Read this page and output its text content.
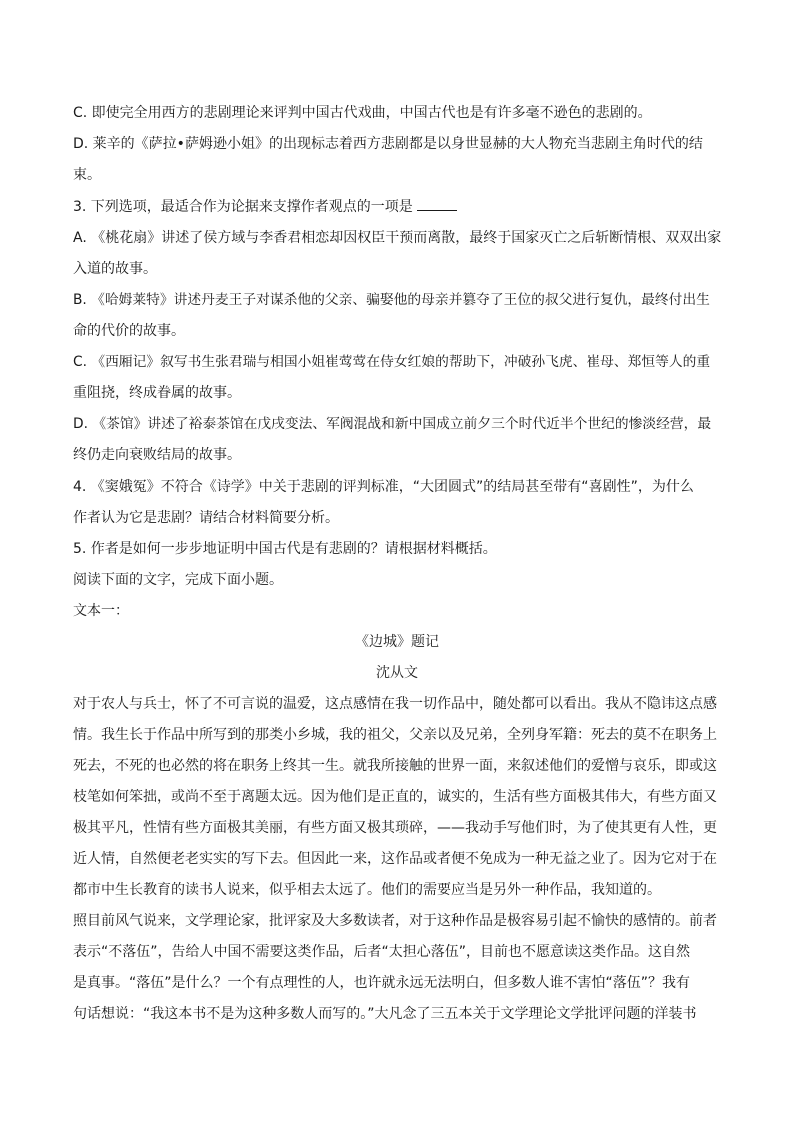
C. 即使完全用西方的悲剧理论来评判中国古代戏曲，中国古代也是有许多毫不逊色的悲剧的。
D. 莱辛的《萨拉•萨姆逊小姐》的出现标志着西方悲剧都是以身世显赫的大人物充当悲剧主角时代的结
束。
3. 下列选项，最适合作为论据来支撑作者观点的一项是
A. 《桃花扇》讲述了侯方域与李香君相恋却因权臣干预而离散，最终于国家灭亡之后斩断情根、双双出家
入道的故事。
B. 《哈姆莱特》讲述丹麦王子对谋杀他的父亲、骗娶他的母亲并篡夺了王位的叔父进行复仇，最终付出生
命的代价的故事。
C. 《西厢记》叙写书生张君瑞与相国小姐崔莺莺在侍女红娘的帮助下，冲破孙飞虎、崔母、郑恒等人的重
重阻挠，终成眷属的故事。
D. 《茶馆》讲述了裕泰茶馆在戊戌变法、军阀混战和新中国成立前夕三个时代近半个世纪的惨淡经营，最
终仍走向衰败结局的故事。
4. 《窦娥冤》不符合《诗学》中关于悲剧的评判标准，“大团圆式”的结局甚至带有“喜剧性”，为什么
作者认为它是悲剧？请结合材料简要分析。
5. 作者是如何一步步地证明中国古代是有悲剧的？请根据材料概括。
阅读下面的文字，完成下面小题。
文本一：
《边城》题记
沈从文
对于农人与兵士，怀了不可言说的温爱，这点感情在我一切作品中，随处都可以看出。我从不隐讳这点感
情。我生长于作品中所写到的那类小乡城，我的祖父，父亲以及兄弟，全列身军籍：死去的莫不在职务上
死去，不死的也必然的将在职务上终其一生。就我所接触的世界一面，来叙述他们的爱憎与哀乐，即或这
枝笔如何笨拙，或尚不至于离题太远。因为他们是正直的，诚实的，生活有些方面极其伟大，有些方面又
极其平凡，性情有些方面极其美丽，有些方面又极其琐碎，——我动手写他们时，为了使其更有人性，更
近人情，自然便老老实实的写下去。但因此一来，这作品或者便不免成为一种无益之业了。因为它对于在
都市中生长教育的读书人说来，似乎相去太远了。他们的需要应当是另外一种作品，我知道的。
照目前风气说来，文学理论家，批评家及大多数读者，对于这种作品是极容易引起不愉快的感情的。前者
表示“不落伍”，告给人中国不需要这类作品，后者“太担心落伍”，目前也不愿意读这类作品。这自然
是真事。“落伍”是什么？一个有点理性的人，也许就永远无法明白，但多数人谁不害怕“落伍”？我有
句话想说：“我这本书不是为这种多数人而写的。”大凡念了三五本关于文学理论文学批评问题的洋装书
